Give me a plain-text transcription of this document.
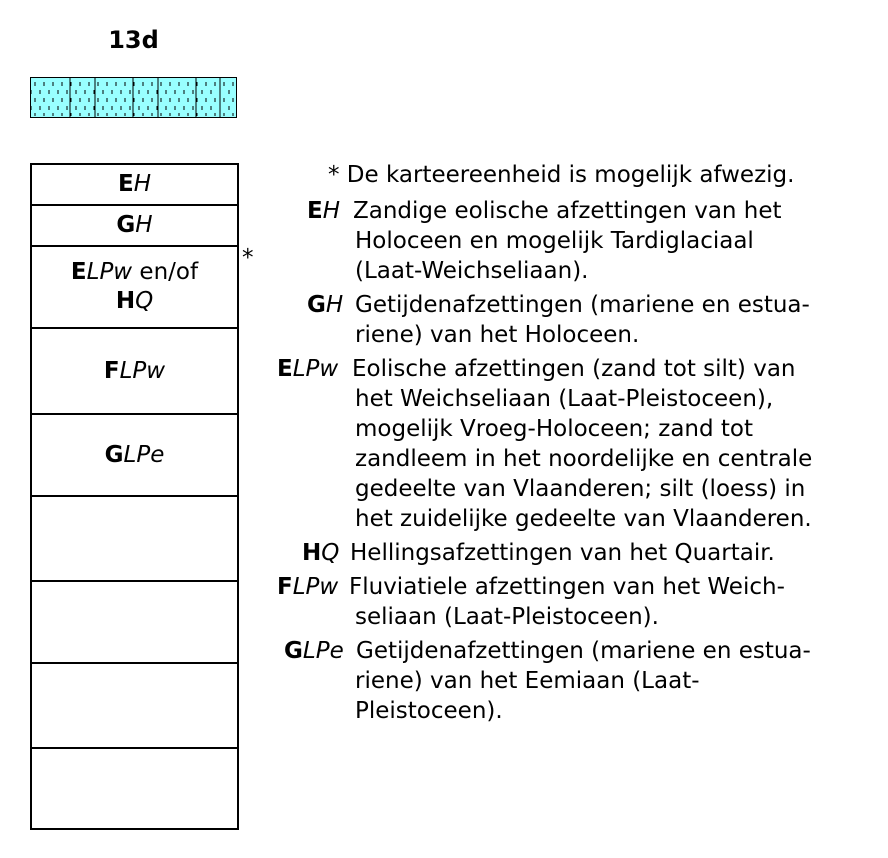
13d
EH
GH
ELPw en/of
HQ
FLPw
GLPe
*
* De karteereenheid is mogelijk afwezig.
EH Zandige eolische afzettingen van het
Holoceen en mogelijk Tardiglaciaal
(Laat-Weichseliaan).
GH Getijdenafzettingen (mariene en estua-
riene) van het Holoceen.
ELPw Eolische afzettingen (zand tot silt) van
het Weichseliaan (Laat-Pleistoceen),
mogelijk Vroeg-Holoceen; zand tot
zandleem in het noordelijke en centrale
gedeelte van Vlaanderen; silt (loess) in
het zuidelijke gedeelte van Vlaanderen.
HQ Hellingsafzettingen van het Quartair.
FLPw Fluviatiele afzettingen van het Weich-
seliaan (Laat-Pleistoceen).
GLPe Getijdenafzettingen (mariene en estua-
riene) van het Eemiaan (Laat-
Pleistoceen).
